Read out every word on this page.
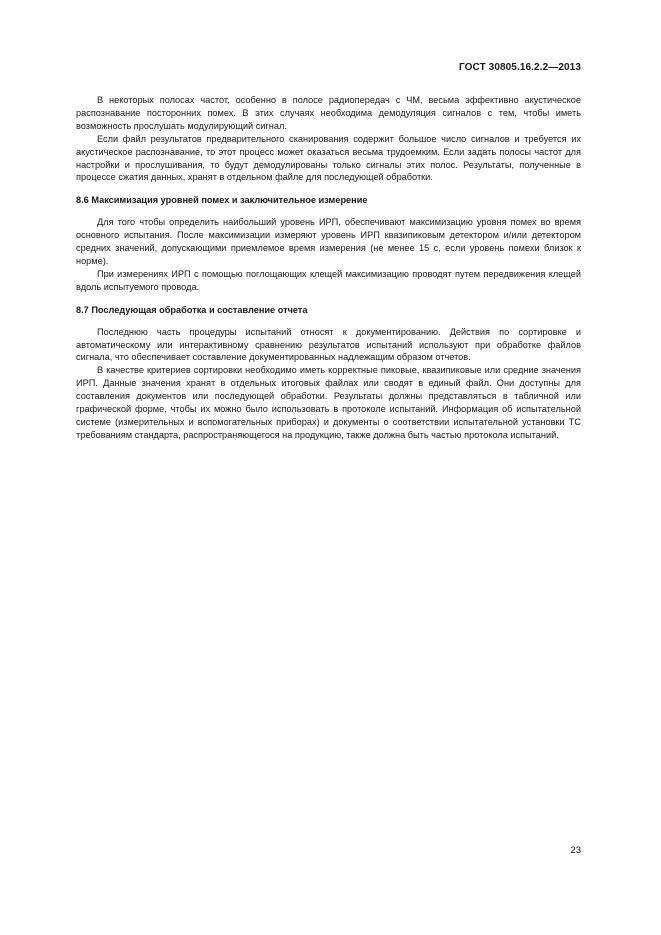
ГОСТ 30805.16.2.2—2013

В некоторых полосах частот, особенно в полосе радиопередач с ЧМ, весьма эффективно акустическое распознавание посторонних помех. В этих случаях необходима демодуляция сигналов с тем, чтобы иметь возможность прослушать модулирующий сигнал.

Если файл результатов предварительного сканирования содержит большое число сигналов и требуется их акустическое распознавание, то этот процесс может оказаться весьма трудоемким. Если задать полосы частот для настройки и прослушивания, то будут демодулированы только сигналы этих полос. Результаты, полученные в процессе сжатия данных, хранят в отдельном файле для последующей обработки.

8.6 Максимизация уровней помех и заключительное измерение

Для того чтобы определить наибольший уровень ИРП, обеспечивают максимизацию уровня помех во время основного испытания. После максимизации измеряют уровень ИРП квазипиковым детектором и/или детектором средних значений, допускающими приемлемое время измерения (не менее 15 с, если уровень помехи близок к норме).

При измерениях ИРП с помощью поглощающих клещей максимизацию проводят путем передвижения клещей вдоль испытуемого провода.

8.7 Последующая обработка и составление отчета

Последнюю часть процедуры испытаний относят к документированию. Действия по сортировке и автоматическому или интерактивному сравнению результатов испытаний используют при обработке файлов сигнала, что обеспечивает составление документированных надлежащим образом отчетов.

В качестве критериев сортировки необходимо иметь корректные пиковые, квазипиковые или средние значения ИРП. Данные значения хранят в отдельных итоговых файлах или сводят в единый файл. Они доступны для составления документов или последующей обработки. Результаты должны представляться в табличной или графической форме, чтобы их можно было использовать в протоколе испытаний. Информация об испытательной системе (измерительных и вспомогательных приборах) и документы о соответствии испытательной установки ТС требованиям стандарта, распространяющегося на продукцию, также должна быть частью протокола испытаний.

23
